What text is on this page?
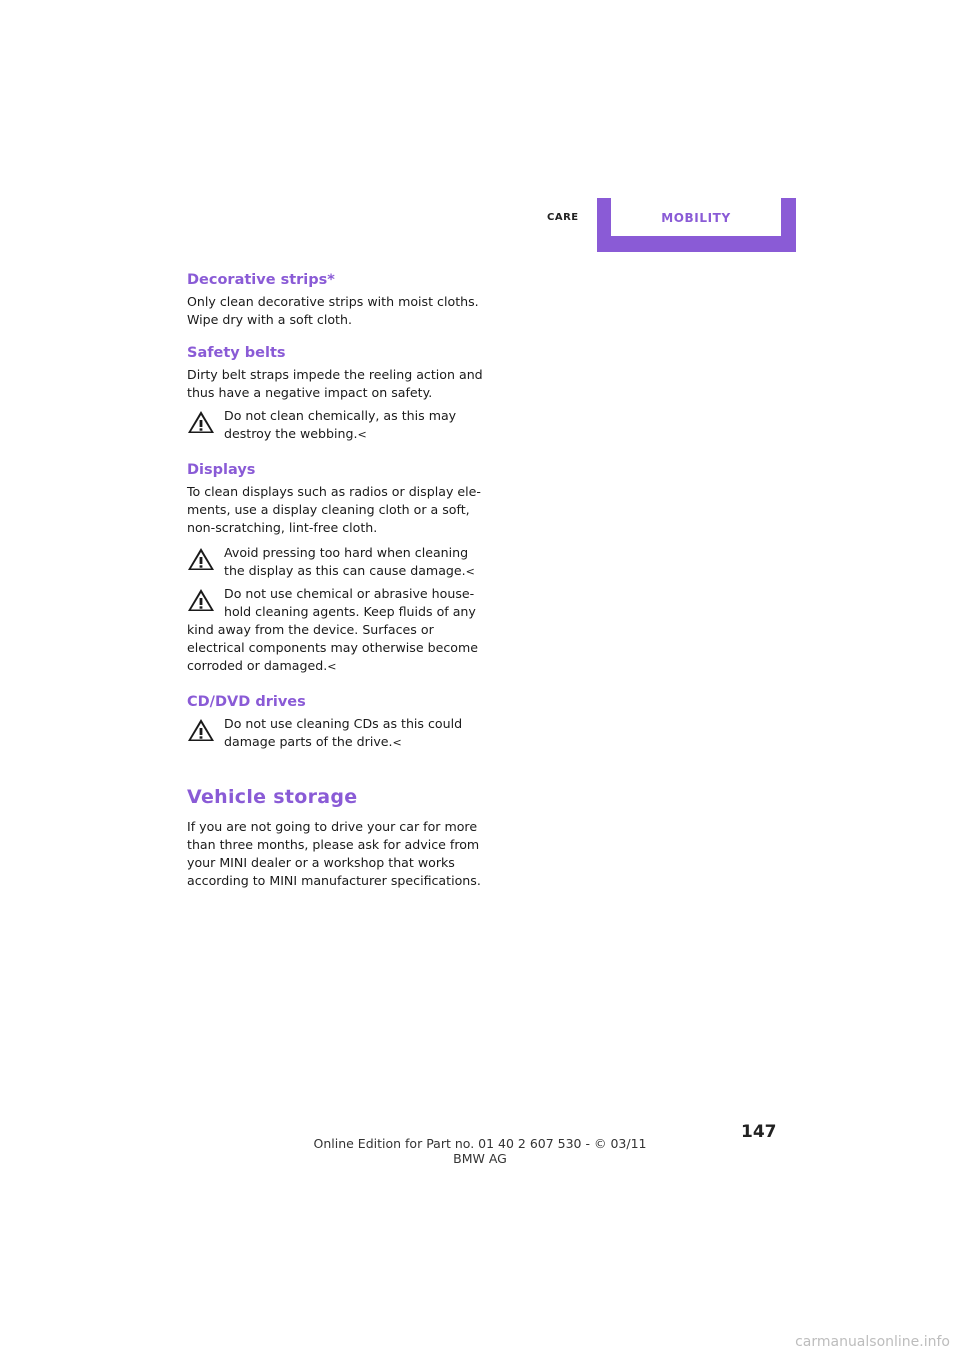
CARE	MOBILITY
Decorative strips*

Only clean decorative strips with moist cloths. Wipe dry with a soft cloth.

Safety belts

Dirty belt straps impede the reeling action and thus have a negative impact on safety.

Do not clean chemically, as this may destroy the webbing.<

Displays

To clean displays such as radios or display ele-ments, use a display cleaning cloth or a soft, non-scratching, lint-free cloth.

Avoid pressing too hard when cleaning the display as this can cause damage.<

Do not use chemical or abrasive house-hold cleaning agents. Keep fluids of any

kind away from the device. Surfaces or electrical components may otherwise become corroded or damaged.<

CD/DVD drives

Do not use cleaning CDs as this could damage parts of the drive.<

Vehicle storage

If you are not going to drive your car for more than three months, please ask for advice from your MINI dealer or a workshop that works according to MINI manufacturer specifications.

147
Online Edition for Part no. 01 40 2 607 530 - © 03/11 BMW AG
carmanualsonline.info
